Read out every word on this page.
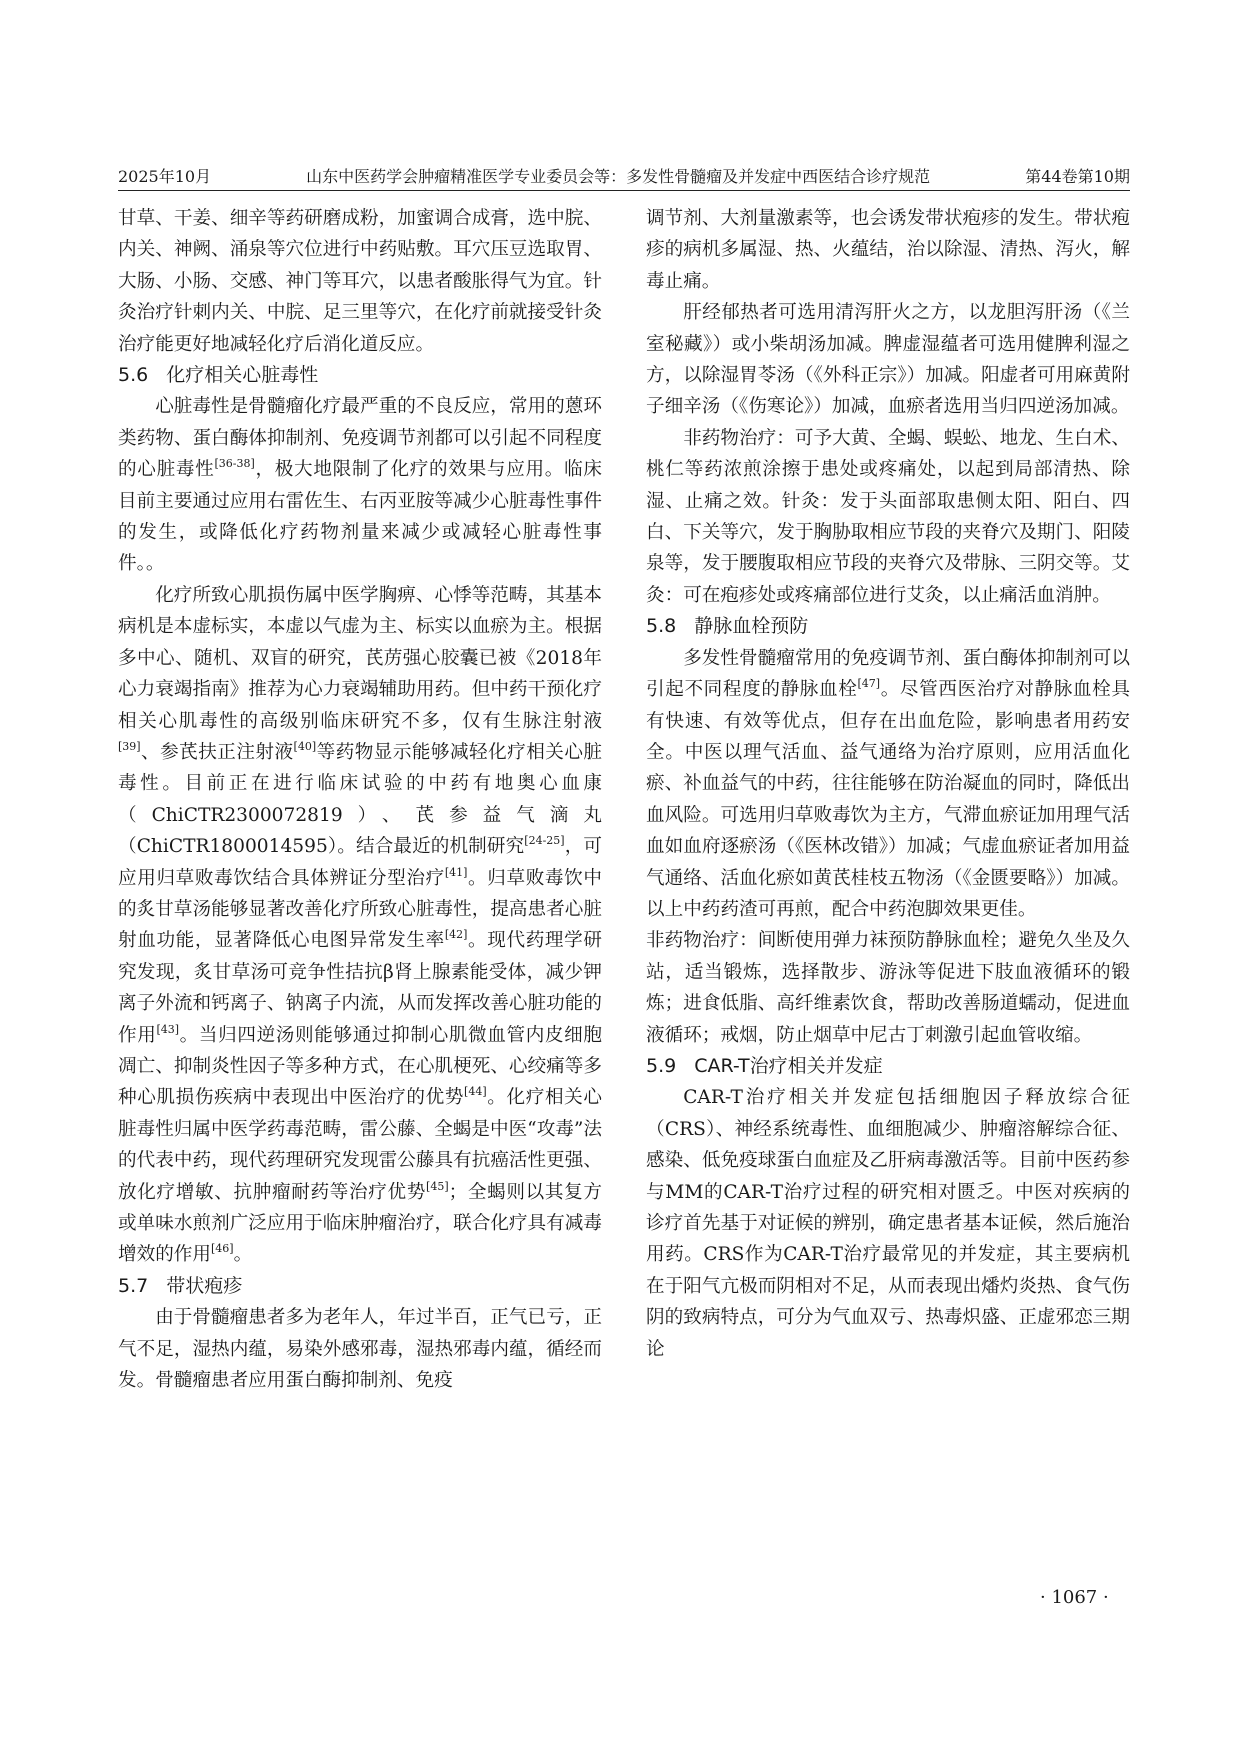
2025年10月	山东中医药学会肿瘤精准医学专业委员会等：多发性骨髓瘤及并发症中西医结合诊疗规范	第44卷第10期

甘草、干姜、细辛等药研磨成粉，加蜜调合成膏，选中脘、内关、神阙、涌泉等穴位进行中药贴敷。耳穴压豆选取胃、大肠、小肠、交感、神门等耳穴，以患者酸胀得气为宜。针灸治疗针刺内关、中脘、足三里等穴，在化疗前就接受针灸治疗能更好地减轻化疗后消化道反应。

5.6 化疗相关心脏毒性

心脏毒性是骨髓瘤化疗最严重的不良反应，常用的蒽环类药物、蛋白酶体抑制剂、免疫调节剂都可以引起不同程度的心脏毒性[36-38]，极大地限制了化疗的效果与应用。临床目前主要通过应用右雷佐生、右丙亚胺等减少心脏毒性事件的发生，或降低化疗药物剂量来减少或减轻心脏毒性事件。。

化疗所致心肌损伤属中医学胸痹、心悸等范畴，其基本病机是本虚标实，本虚以气虚为主、标实以血瘀为主。根据多中心、随机、双盲的研究，芪苈强心胶囊已被《2018年心力衰竭指南》推荐为心力衰竭辅助用药。但中药干预化疗相关心肌毒性的高级别临床研究不多，仅有生脉注射液[39]、参芪扶正注射液[40]等药物显示能够减轻化疗相关心脏毒性。目前正在进行临床试验的中药有地奥心血康（ChiCTR2300072819）、芪参益气滴丸（ChiCTR1800014595）。结合最近的机制研究[24-25]，可应用归草败毒饮结合具体辨证分型治疗[41]。归草败毒饮中的炙甘草汤能够显著改善化疗所致心脏毒性，提高患者心脏射血功能，显著降低心电图异常发生率[42]。现代药理学研究发现，炙甘草汤可竞争性拮抗β肾上腺素能受体，减少钾离子外流和钙离子、钠离子内流，从而发挥改善心脏功能的作用[43]。当归四逆汤则能够通过抑制心肌微血管内皮细胞凋亡、抑制炎性因子等多种方式，在心肌梗死、心绞痛等多种心肌损伤疾病中表现出中医治疗的优势[44]。化疗相关心脏毒性归属中医学药毒范畴，雷公藤、全蝎是中医“攻毒”法的代表中药，现代药理研究发现雷公藤具有抗癌活性更强、放化疗增敏、抗肿瘤耐药等治疗优势[45]；全蝎则以其复方或单味水煎剂广泛应用于临床肿瘤治疗，联合化疗具有减毒增效的作用[46]。

5.7 带状疱疹

由于骨髓瘤患者多为老年人，年过半百，正气已亏，正气不足，湿热内蕴，易染外感邪毒，湿热邪毒内蕴，循经而发。骨髓瘤患者应用蛋白酶抑制剂、免疫

调节剂、大剂量激素等，也会诱发带状疱疹的发生。带状疱疹的病机多属湿、热、火蕴结，治以除湿、清热、泻火，解毒止痛。

肝经郁热者可选用清泻肝火之方，以龙胆泻肝汤（《兰室秘藏》）或小柴胡汤加减。脾虚湿蕴者可选用健脾利湿之方，以除湿胃苓汤（《外科正宗》）加减。阳虚者可用麻黄附子细辛汤（《伤寒论》）加减，血瘀者选用当归四逆汤加减。

非药物治疗：可予大黄、全蝎、蜈蚣、地龙、生白术、桃仁等药浓煎涂擦于患处或疼痛处，以起到局部清热、除湿、止痛之效。针灸：发于头面部取患侧太阳、阳白、四白、下关等穴，发于胸胁取相应节段的夹脊穴及期门、阳陵泉等，发于腰腹取相应节段的夹脊穴及带脉、三阴交等。艾灸：可在疱疹处或疼痛部位进行艾灸，以止痛活血消肿。

5.8 静脉血栓预防

多发性骨髓瘤常用的免疫调节剂、蛋白酶体抑制剂可以引起不同程度的静脉血栓[47]。尽管西医治疗对静脉血栓具有快速、有效等优点，但存在出血危险，影响患者用药安全。中医以理气活血、益气通络为治疗原则，应用活血化瘀、补血益气的中药，往往能够在防治凝血的同时，降低出血风险。可选用归草败毒饮为主方，气滞血瘀证加用理气活血如血府逐瘀汤（《医林改错》）加减；气虚血瘀证者加用益气通络、活血化瘀如黄芪桂枝五物汤（《金匮要略》）加减。以上中药药渣可再煎，配合中药泡脚效果更佳。

非药物治疗：间断使用弹力袜预防静脉血栓；避免久坐及久站，适当锻炼，选择散步、游泳等促进下肢血液循环的锻炼；进食低脂、高纤维素饮食，帮助改善肠道蠕动，促进血液循环；戒烟，防止烟草中尼古丁刺激引起血管收缩。

5.9 CAR-T治疗相关并发症

CAR-T治疗相关并发症包括细胞因子释放综合征（CRS）、神经系统毒性、血细胞减少、肿瘤溶解综合征、感染、低免疫球蛋白血症及乙肝病毒激活等。目前中医药参与MM的CAR-T治疗过程的研究相对匮乏。中医对疾病的诊疗首先基于对证候的辨别，确定患者基本证候，然后施治用药。CRS作为CAR-T治疗最常见的并发症，其主要病机在于阳气亢极而阴相对不足，从而表现出燔灼炎热、食气伤阴的致病特点，可分为气血双亏、热毒炽盛、正虚邪恋三期论

· 1067 ·
